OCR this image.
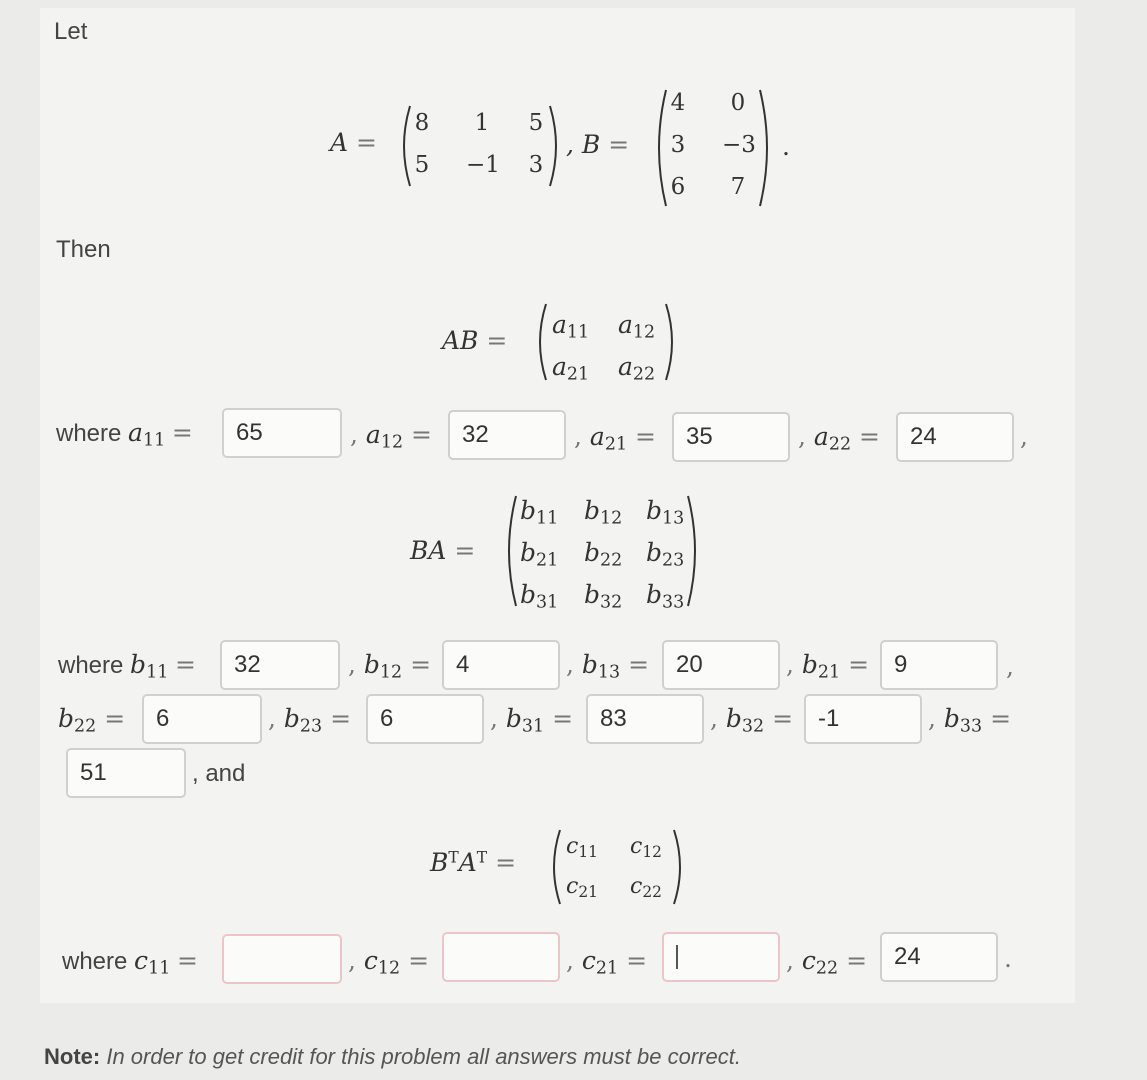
Let
A =
8	1	5
5	−1	3
, B =
4	0
3	−3
6	7
.
Then
AB =
$a_{11}$ $a_{12}$
$a_{21}$ $a_{22}$
where $a_{11}$ =
65	, $a_{12}$ =
32	, $a_{21}$ =
35	, $a_{22}$ =
24	,
BA =
$b_{11}$ $b_{12}$ $b_{13}$
$b_{21}$ $b_{22}$ $b_{23}$
$b_{31}$ $b_{32}$ $b_{33}$
where $b_{11}$ =
32	, $b_{12}$ =
4	, $b_{13}$ =
20	, $b_{21}$ =
9	,
$b_{22}$ =
6	, $b_{23}$ =
6	, $b_{31}$ =
83	, $b_{32}$ =
-1	, $b_{33}$ =
51
, and
$B^TA^T$ =
$c_{11}$ $c_{12}$
$c_{21}$ $c_{22}$
where $c_{11}$ =	, $c_{12}$ =	, $c_{21}$ =	, $c_{22}$ =
24	.
Note: In order to get credit for this problem all answers must be correct.
